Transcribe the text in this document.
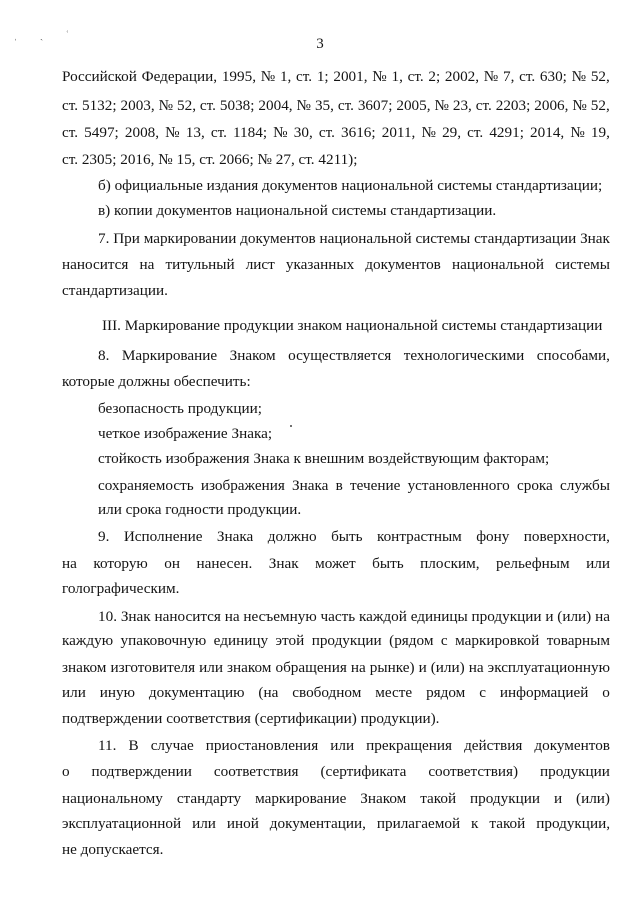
ˌ ˎ ʿ
3
Российской Федерации, 1995, № 1, ст. 1; 2001, № 1, ст. 2; 2002, № 7, ст. 630; № 52,
ст. 5132; 2003, № 52, ст. 5038; 2004, № 35, ст. 3607; 2005, № 23, ст. 2203; 2006, № 52,
ст. 5497; 2008, № 13, ст. 1184; № 30, ст. 3616; 2011, № 29, ст. 4291; 2014, № 19,
ст. 2305; 2016, № 15, ст. 2066; № 27, ст. 4211);
б) официальные издания документов национальной системы стандартизации;
в) копии документов национальной системы стандартизации.
7. При маркировании документов национальной системы стандартизации Знак
наносится на титульный лист указанных документов национальной системы
стандартизации.
III. Маркирование продукции знаком национальной системы стандартизации
8. Маркирование Знаком осуществляется технологическими способами,
которые должны обеспечить:
безопасность продукции;
четкое изображение Знака;
стойкость изображения Знака к внешним воздействующим факторам;
сохраняемость изображения Знака в течение установленного срока службы
или срока годности продукции.
9. Исполнение Знака должно быть контрастным фону поверхности,
на которую он нанесен. Знак может быть плоским, рельефным или
голографическим.
10. Знак наносится на несъемную часть каждой единицы продукции и (или) на
каждую упаковочную единицу этой продукции (рядом с маркировкой товарным
знаком изготовителя или знаком обращения на рынке) и (или) на эксплуатационную
или иную документацию (на свободном месте рядом с информацией о
подтверждении соответствия (сертификации) продукции).
11. В случае приостановления или прекращения действия документов
о подтверждении соответствия (сертификата соответствия) продукции
национальному стандарту маркирование Знаком такой продукции и (или)
эксплуатационной или иной документации, прилагаемой к такой продукции,
не допускается.
